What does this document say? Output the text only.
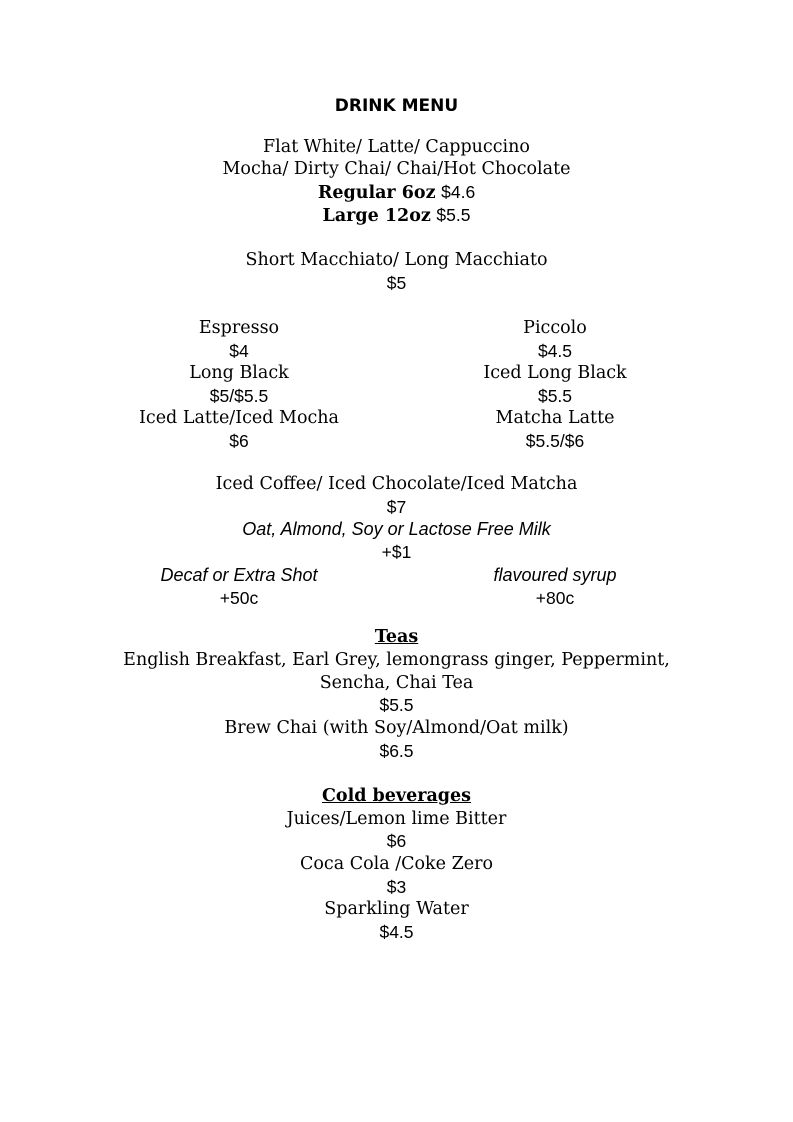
DRINK MENU
Flat White/ Latte/ Cappuccino
Mocha/ Dirty Chai/ Chai/Hot Chocolate
Regular 6oz $4.6
Large 12oz $5.5
Short Macchiato/ Long Macchiato
$5
Espresso
$4
Long Black
$5/$5.5
Iced Latte/Iced Mocha
$6
Piccolo
$4.5
Iced Long Black
$5.5
Matcha Latte
$5.5/$6
Iced Coffee/ Iced Chocolate/Iced Matcha
$7
Oat, Almond, Soy or Lactose Free Milk
+$1
Decaf or Extra Shot
+50c
flavoured syrup
+80c
Teas
English Breakfast, Earl Grey, lemongrass ginger, Peppermint,
Sencha, Chai Tea
$5.5
Brew Chai (with Soy/Almond/Oat milk)
$6.5
Cold beverages
Juices/Lemon lime Bitter
$6
Coca Cola /Coke Zero
$3
Sparkling Water
$4.5
